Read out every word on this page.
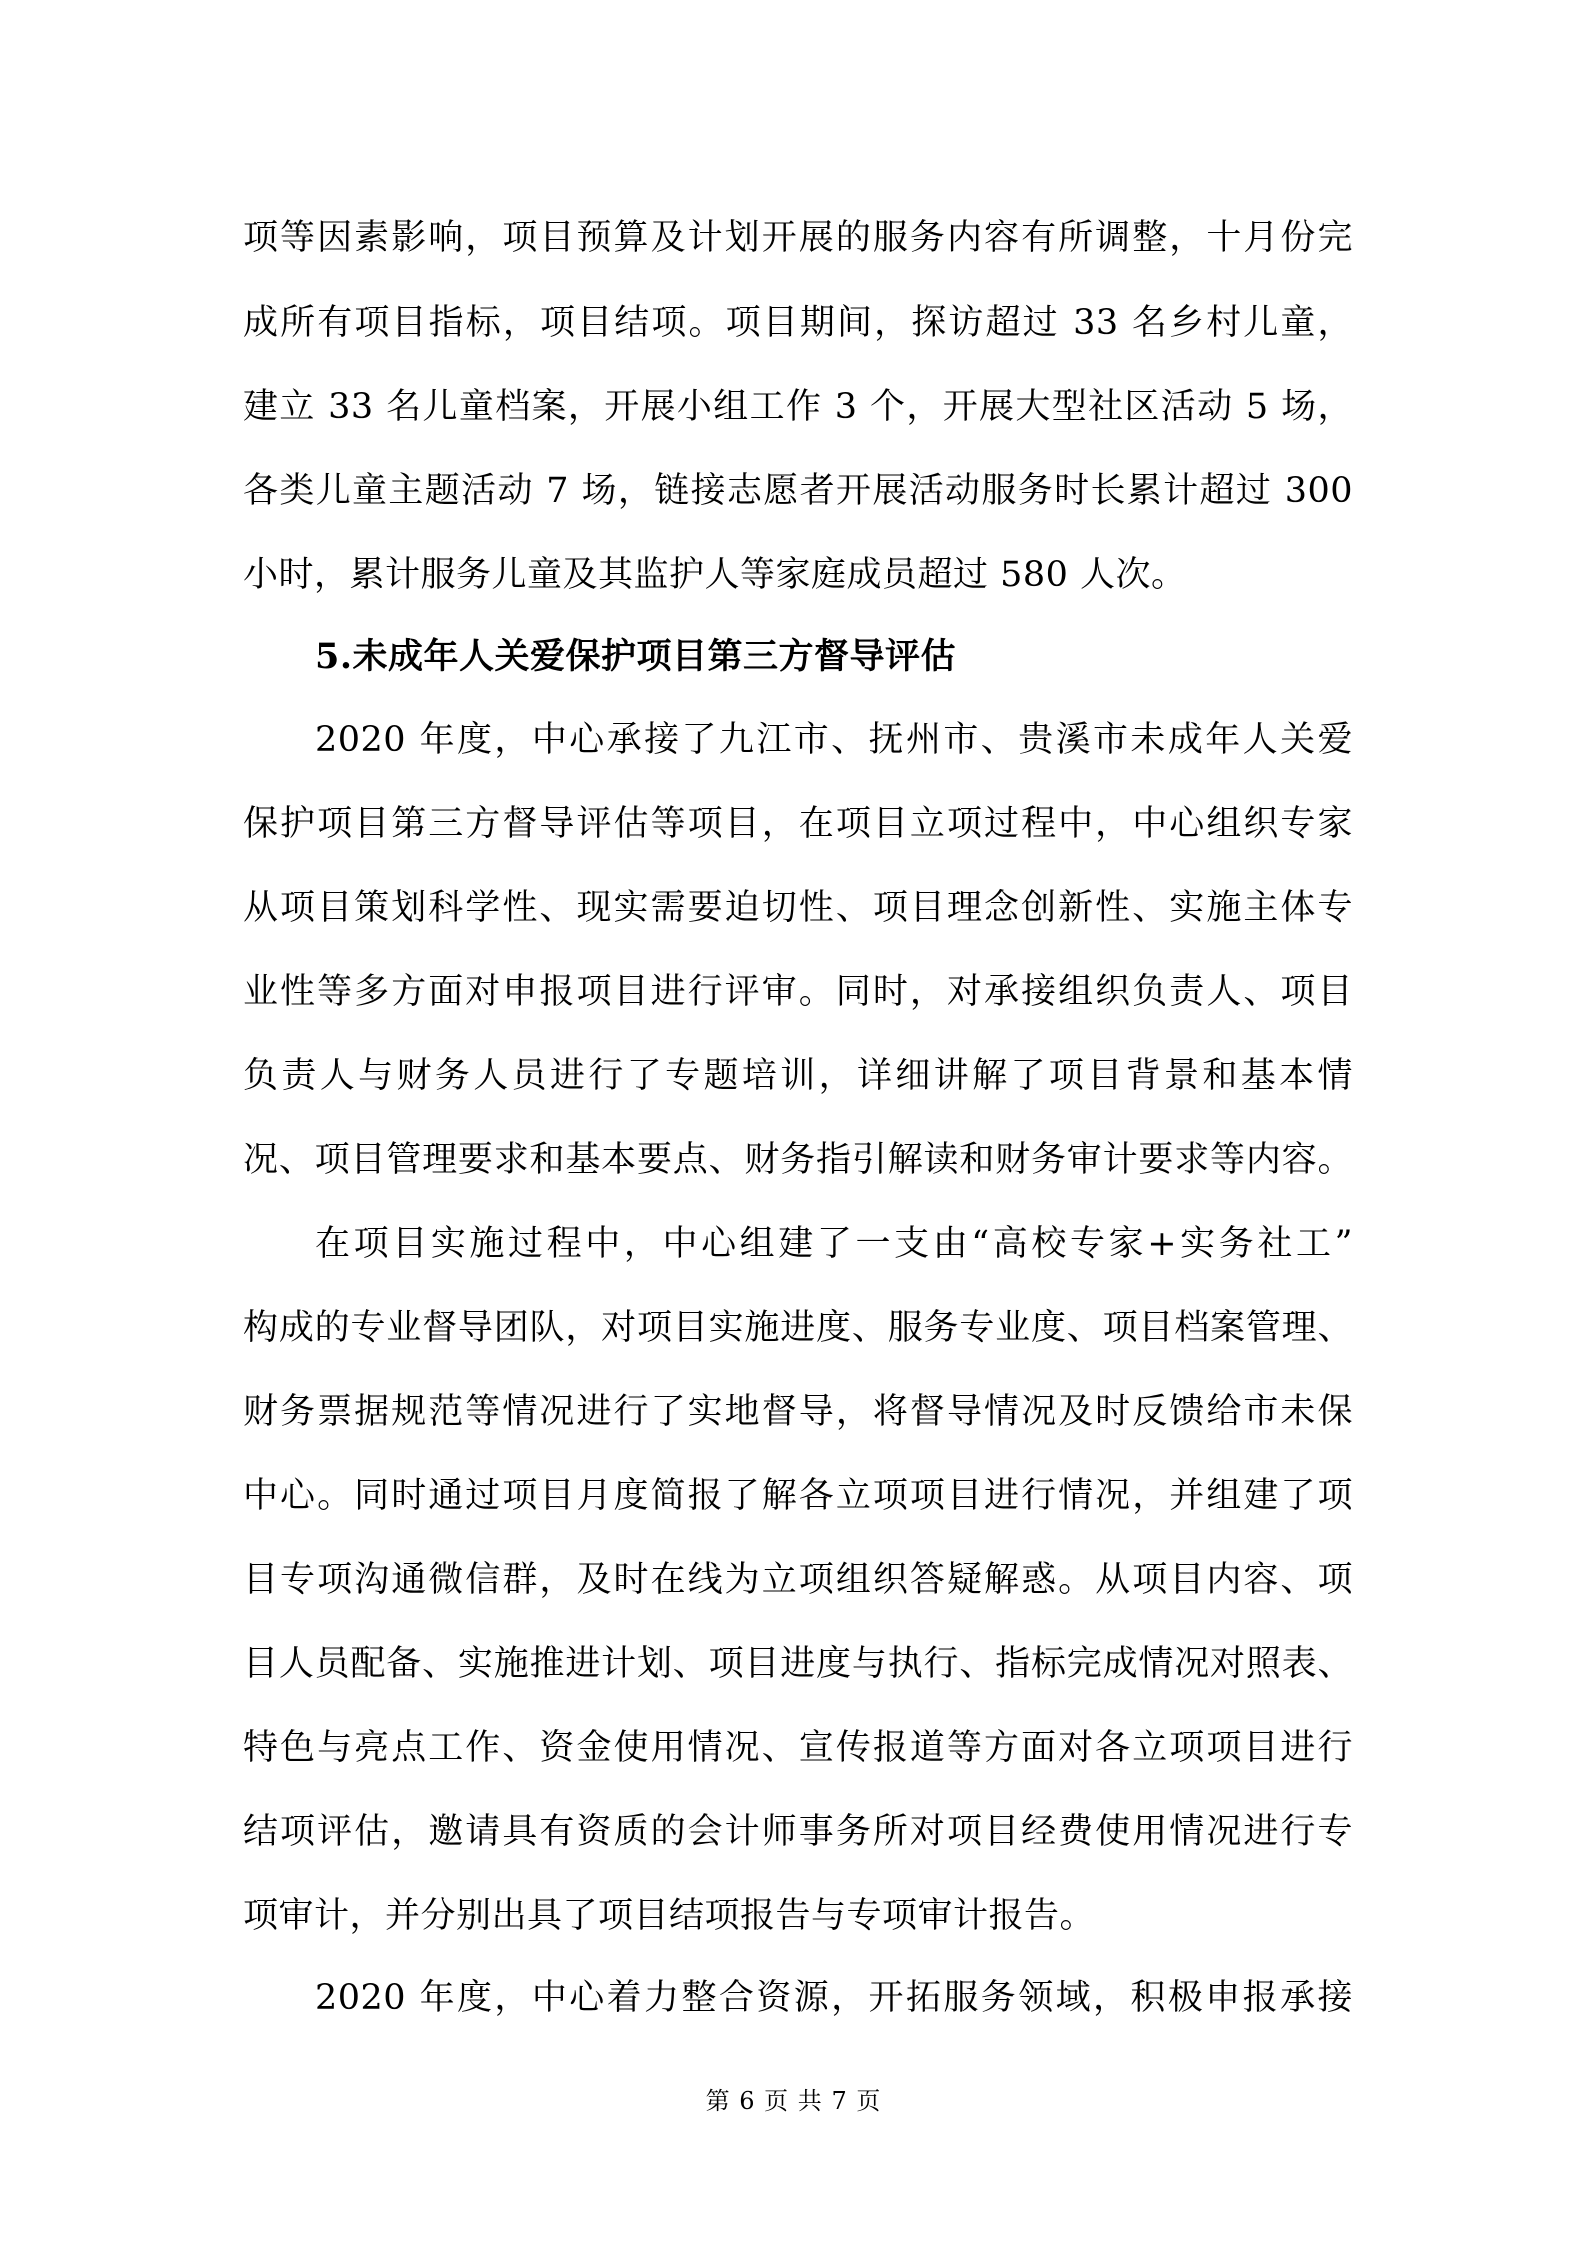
项等因素影响，项目预算及计划开展的服务内容有所调整，十月份完
成所有项目指标，项目结项。项目期间，探访超过 33 名乡村儿童，
建立 33 名儿童档案，开展小组工作 3 个，开展大型社区活动 5 场，
各类儿童主题活动 7 场，链接志愿者开展活动服务时长累计超过 300
小时，累计服务儿童及其监护人等家庭成员超过 580 人次。
5.未成年人关爱保护项目第三方督导评估
2020 年度，中心承接了九江市、抚州市、贵溪市未成年人关爱
保护项目第三方督导评估等项目，在项目立项过程中，中心组织专家
从项目策划科学性、现实需要迫切性、项目理念创新性、实施主体专
业性等多方面对申报项目进行评审。同时，对承接组织负责人、项目
负责人与财务人员进行了专题培训，详细讲解了项目背景和基本情
况、项目管理要求和基本要点、财务指引解读和财务审计要求等内容。
在项目实施过程中，中心组建了一支由“高校专家+实务社工”
构成的专业督导团队，对项目实施进度、服务专业度、项目档案管理、
财务票据规范等情况进行了实地督导，将督导情况及时反馈给市未保
中心。同时通过项目月度简报了解各立项项目进行情况，并组建了项
目专项沟通微信群，及时在线为立项组织答疑解惑。从项目内容、项
目人员配备、实施推进计划、项目进度与执行、指标完成情况对照表、
特色与亮点工作、资金使用情况、宣传报道等方面对各立项项目进行
结项评估，邀请具有资质的会计师事务所对项目经费使用情况进行专
项审计，并分别出具了项目结项报告与专项审计报告。
2020 年度，中心着力整合资源，开拓服务领域，积极申报承接
第 6 页 共 7 页
